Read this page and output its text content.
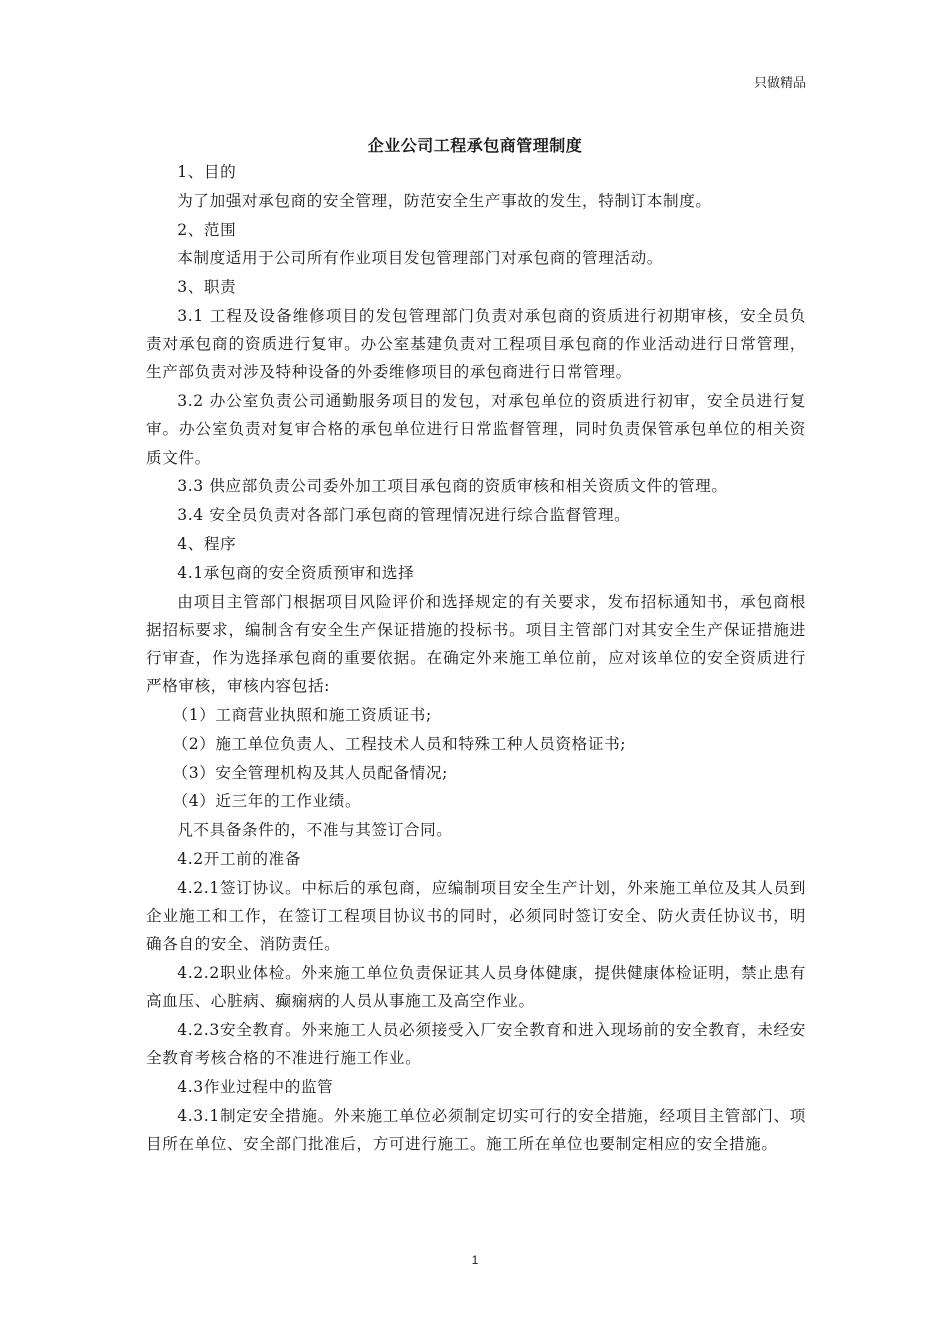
只做精品
企业公司工程承包商管理制度

1、目的

为了加强对承包商的安全管理，防范安全生产事故的发生，特制订本制度。

2、范围

本制度适用于公司所有作业项目发包管理部门对承包商的管理活动。

3、职责

3.1 工程及设备维修项目的发包管理部门负责对承包商的资质进行初期审核，安全员负责对承包商的资质进行复审。办公室基建负责对工程项目承包商的作业活动进行日常管理，生产部负责对涉及特种设备的外委维修项目的承包商进行日常管理。

3.2 办公室负责公司通勤服务项目的发包，对承包单位的资质进行初审，安全员进行复审。办公室负责对复审合格的承包单位进行日常监督管理，同时负责保管承包单位的相关资质文件。

3.3 供应部负责公司委外加工项目承包商的资质审核和相关资质文件的管理。

3.4 安全员负责对各部门承包商的管理情况进行综合监督管理。

4、程序

4.1承包商的安全资质预审和选择

由项目主管部门根据项目风险评价和选择规定的有关要求，发布招标通知书，承包商根据招标要求，编制含有安全生产保证措施的投标书。项目主管部门对其安全生产保证措施进行审查，作为选择承包商的重要依据。在确定外来施工单位前，应对该单位的安全资质进行严格审核，审核内容包括:

（1）工商营业执照和施工资质证书;

（2）施工单位负责人、工程技术人员和特殊工种人员资格证书;

（3）安全管理机构及其人员配备情况;

（4）近三年的工作业绩。

凡不具备条件的，不准与其签订合同。

4.2开工前的准备

4.2.1签订协议。中标后的承包商，应编制项目安全生产计划，外来施工单位及其人员到企业施工和工作，在签订工程项目协议书的同时，必须同时签订安全、防火责任协议书，明确各自的安全、消防责任。

4.2.2职业体检。外来施工单位负责保证其人员身体健康，提供健康体检证明，禁止患有高血压、心脏病、癫痫病的人员从事施工及高空作业。

4.2.3安全教育。外来施工人员必须接受入厂安全教育和进入现场前的安全教育，未经安全教育考核合格的不准进行施工作业。

4.3作业过程中的监管

4.3.1制定安全措施。外来施工单位必须制定切实可行的安全措施，经项目主管部门、项目所在单位、安全部门批准后，方可进行施工。施工所在单位也要制定相应的安全措施。

1
